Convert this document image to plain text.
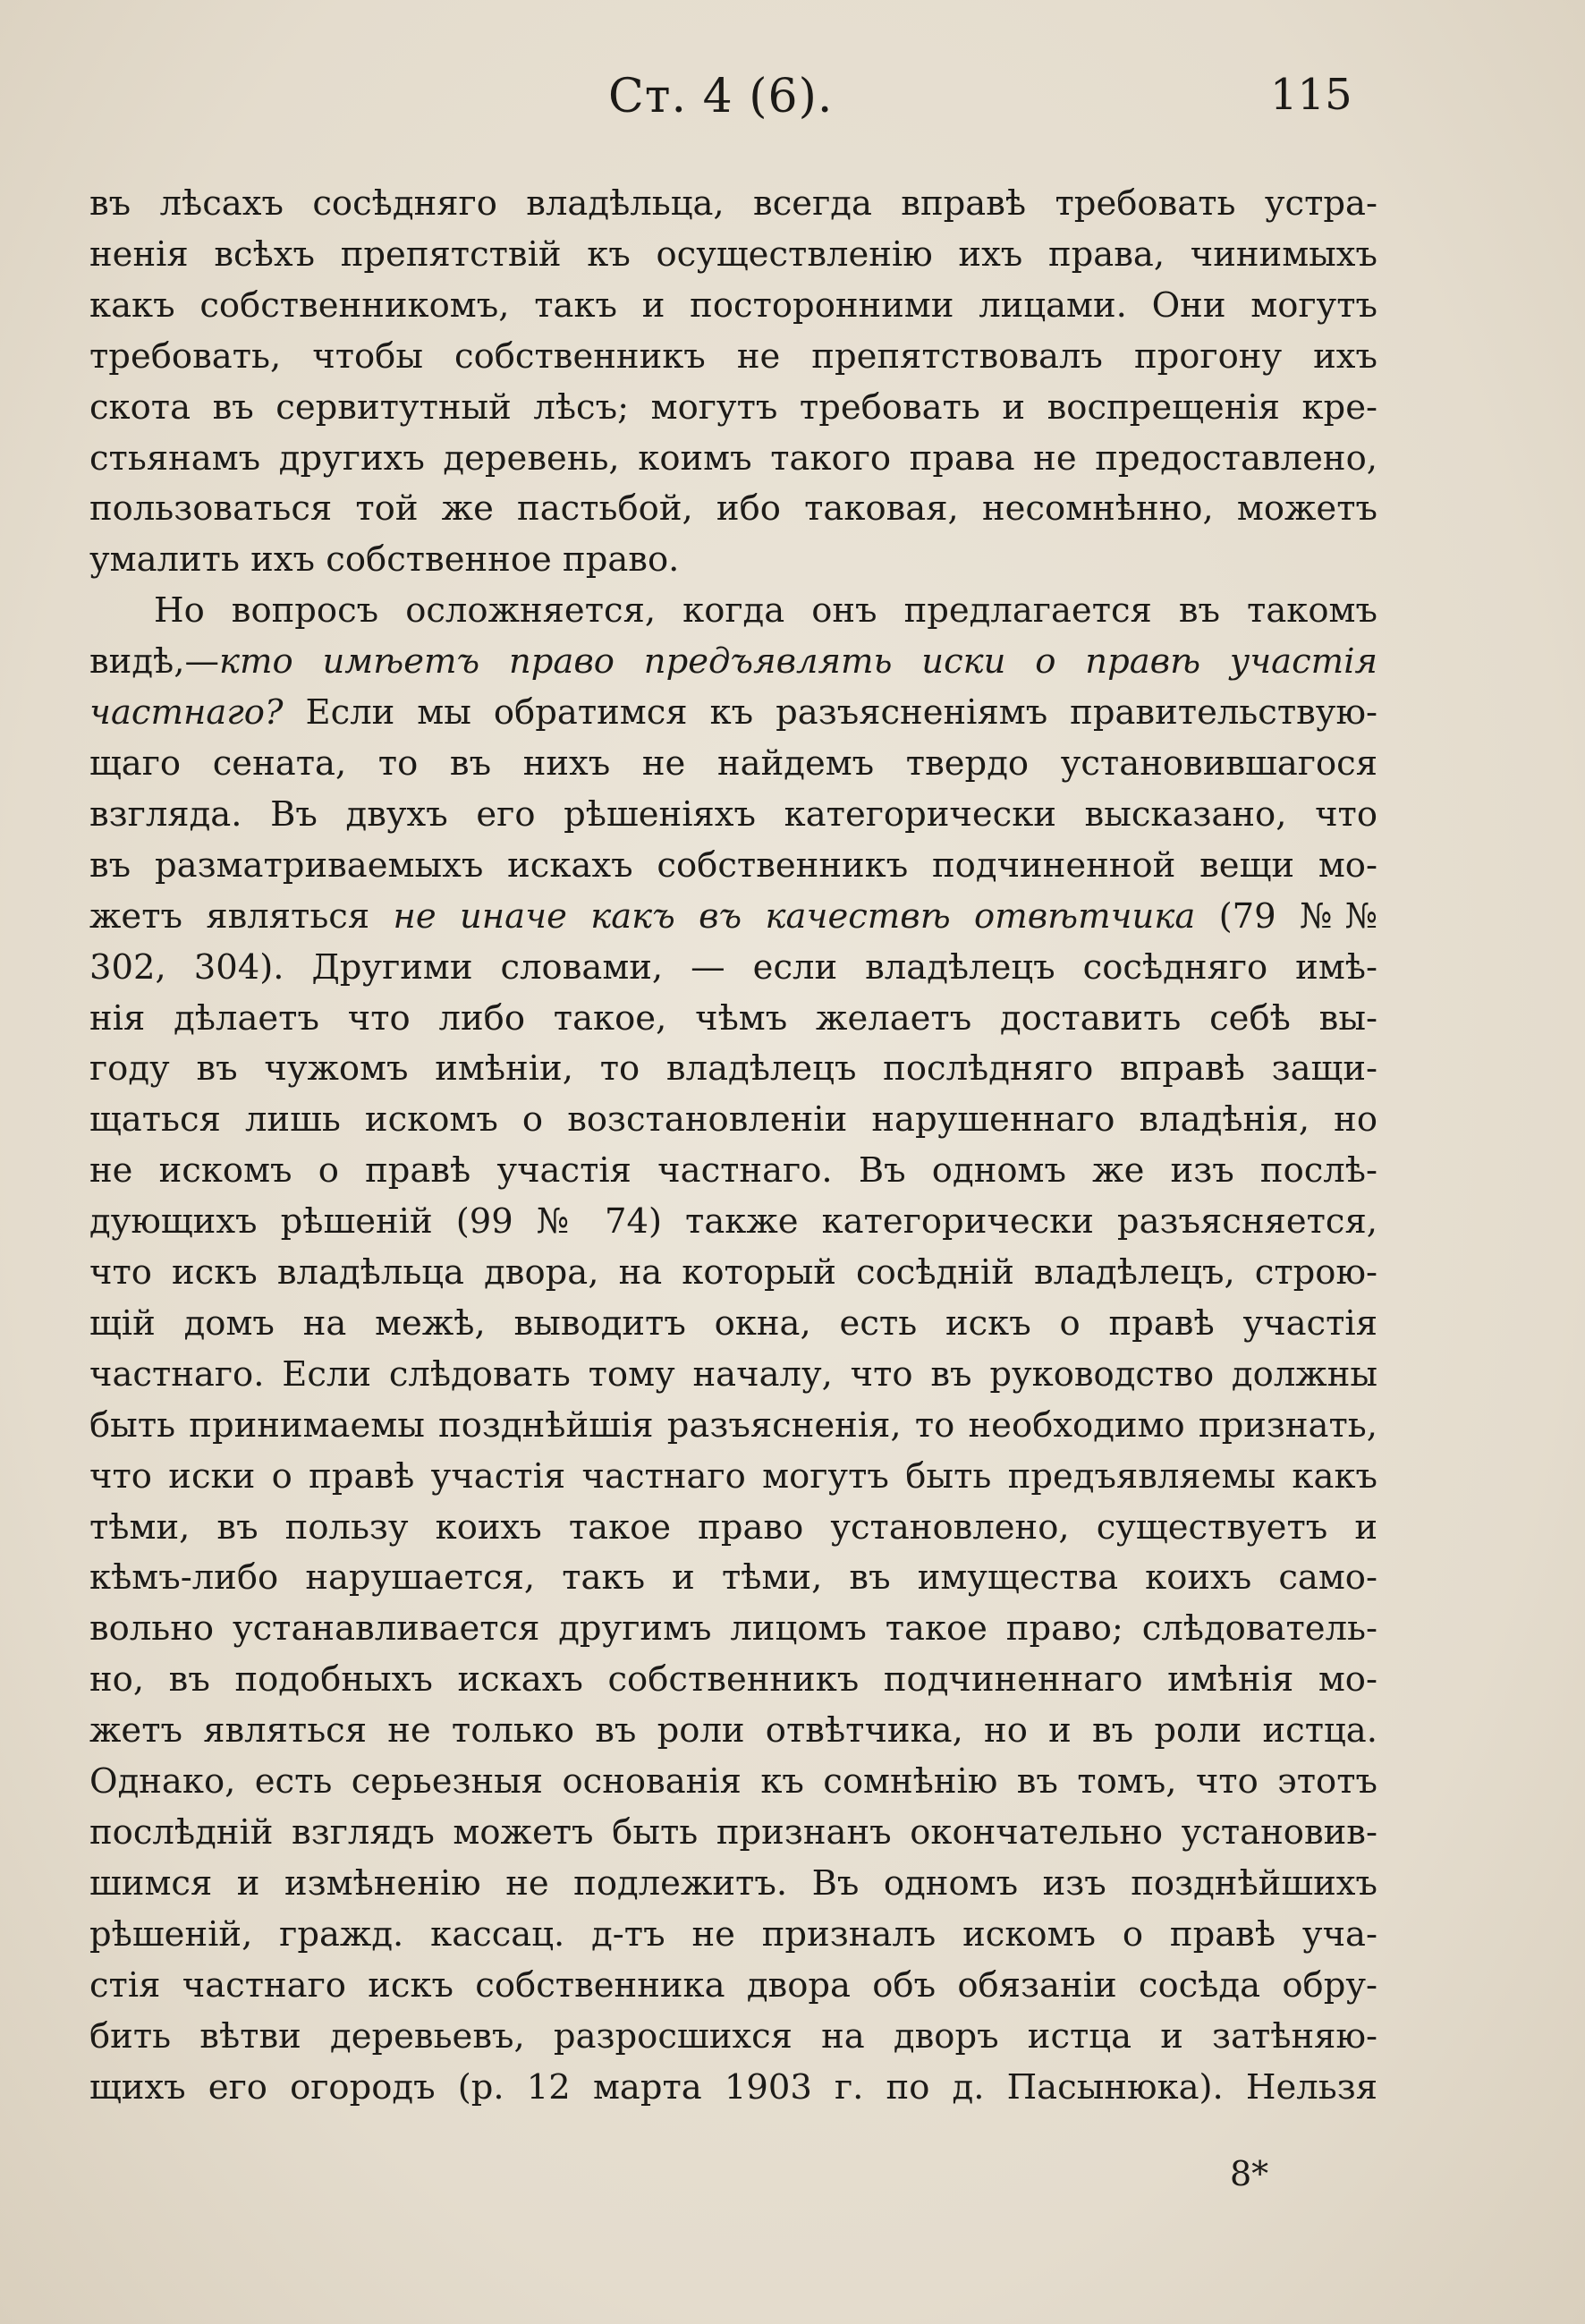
Ст. 4 (6).	115
въ лѣсахъ сосѣдняго владѣльца, всегда вправѣ требовать устра-
ненія всѣхъ препятствій къ осуществленію ихъ права, чинимыхъ
какъ собственникомъ, такъ и посторонними лицами. Они могутъ
требовать, чтобы собственникъ не препятствовалъ прогону ихъ
скота въ сервитутный лѣсъ; могутъ требовать и воспрещенія кре-
стьянамъ другихъ деревень, коимъ такого права не предоставлено,
пользоваться той же пастьбой, ибо таковая, несомнѣнно, можетъ
умалить ихъ собственное право.
Но вопросъ осложняется, когда онъ предлагается въ такомъ
видѣ,—кто имѣетъ право предъявлять иски о правѣ участія
частнаго? Если мы обратимся къ разъясненіямъ правительствую-
щаго сената, то въ нихъ не найдемъ твердо установившагося
взгляда. Въ двухъ его рѣшеніяхъ категорически высказано, что
въ разматриваемыхъ искахъ собственникъ подчиненной вещи мо-
жетъ являться не иначе какъ въ качествѣ отвѣтчика (79 №№
302, 304). Другими словами, — если владѣлецъ сосѣдняго имѣ-
нія дѣлаетъ что либо такое, чѣмъ желаетъ доставить себѣ вы-
году въ чужомъ имѣніи, то владѣлецъ послѣдняго вправѣ защи-
щаться лишь искомъ о возстановленіи нарушеннаго владѣнія, но
не искомъ о правѣ участія частнаго. Въ одномъ же изъ послѣ-
дующихъ рѣшеній (99 № 74) также категорически разъясняется,
что искъ владѣльца двора, на который сосѣдній владѣлецъ, строю-
щій домъ на межѣ, выводитъ окна, есть искъ о правѣ участія
частнаго. Если слѣдовать тому началу, что въ руководство должны
быть принимаемы позднѣйшія разъясненія, то необходимо признать,
что иски о правѣ участія частнаго могутъ быть предъявляемы какъ
тѣми, въ пользу коихъ такое право установлено, существуетъ и
кѣмъ-либо нарушается, такъ и тѣми, въ имущества коихъ само-
вольно устанавливается другимъ лицомъ такое право; слѣдователь-
но, въ подобныхъ искахъ собственникъ подчиненнаго имѣнія мо-
жетъ являться не только въ роли отвѣтчика, но и въ роли истца.
Однако, есть серьезныя основанія къ сомнѣнію въ томъ, что этотъ
послѣдній взглядъ можетъ быть признанъ окончательно установив-
шимся и измѣненію не подлежитъ. Въ одномъ изъ позднѣйшихъ
рѣшеній, гражд. кассац. д-тъ не призналъ искомъ о правѣ уча-
стія частнаго искъ собственника двора объ обязаніи сосѣда обру-
бить вѣтви деревьевъ, разросшихся на дворъ истца и затѣняю-
щихъ его огородъ (р. 12 марта 1903 г. по д. Пасынюка). Нельзя
8*
